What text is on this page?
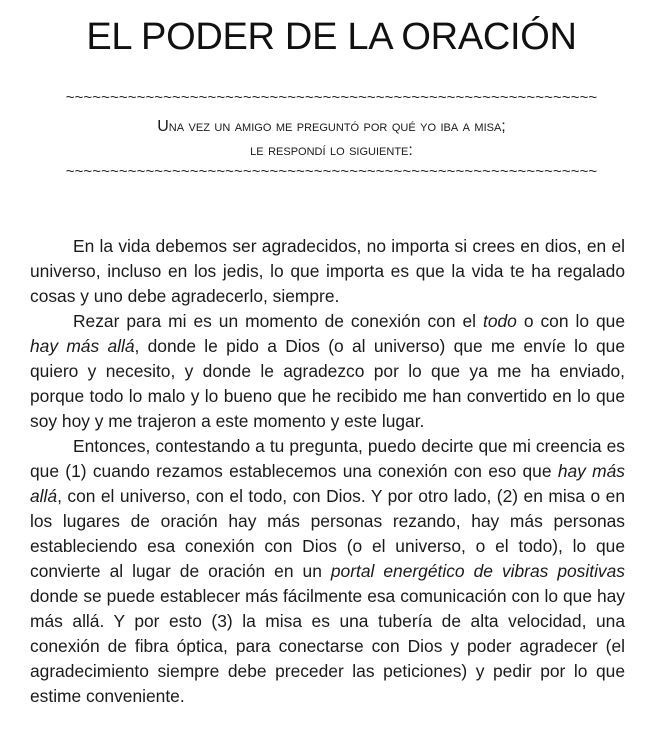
EL PODER DE LA ORACIÓN
~~~~~~~~~~~~~~~~~~~~~~~~~~~~~~~~~~~~~~~~~~~~~~~~~~~~~~~~~~~~
Una vez un amigo me preguntó por qué yo iba a misa;
le respondí lo siguiente:
~~~~~~~~~~~~~~~~~~~~~~~~~~~~~~~~~~~~~~~~~~~~~~~~~~~~~~~~~~~~

En la vida debemos ser agradecidos, no importa si crees en dios, en el universo, incluso en los jedis, lo que importa es que la vida te ha regalado cosas y uno debe agradecerlo, siempre.

Rezar para mi es un momento de conexión con el todo o con lo que hay más allá, donde le pido a Dios (o al universo) que me envíe lo que quiero y necesito, y donde le agradezco por lo que ya me ha enviado, porque todo lo malo y lo bueno que he recibido me han convertido en lo que soy hoy y me trajeron a este momento y este lugar.

Entonces, contestando a tu pregunta, puedo decirte que mi creencia es que (1) cuando rezamos establecemos una conexión con eso que hay más allá, con el universo, con el todo, con Dios. Y por otro lado, (2) en misa o en los lugares de oración hay más personas rezando, hay más personas estableciendo esa conexión con Dios (o el universo, o el todo), lo que convierte al lugar de oración en un portal energético de vibras positivas donde se puede establecer más fácilmente esa comunicación con lo que hay más allá. Y por esto (3) la misa es una tubería de alta velocidad, una conexión de fibra óptica, para conectarse con Dios y poder agradecer (el agradecimiento siempre debe preceder las peticiones) y pedir por lo que estime conveniente.
